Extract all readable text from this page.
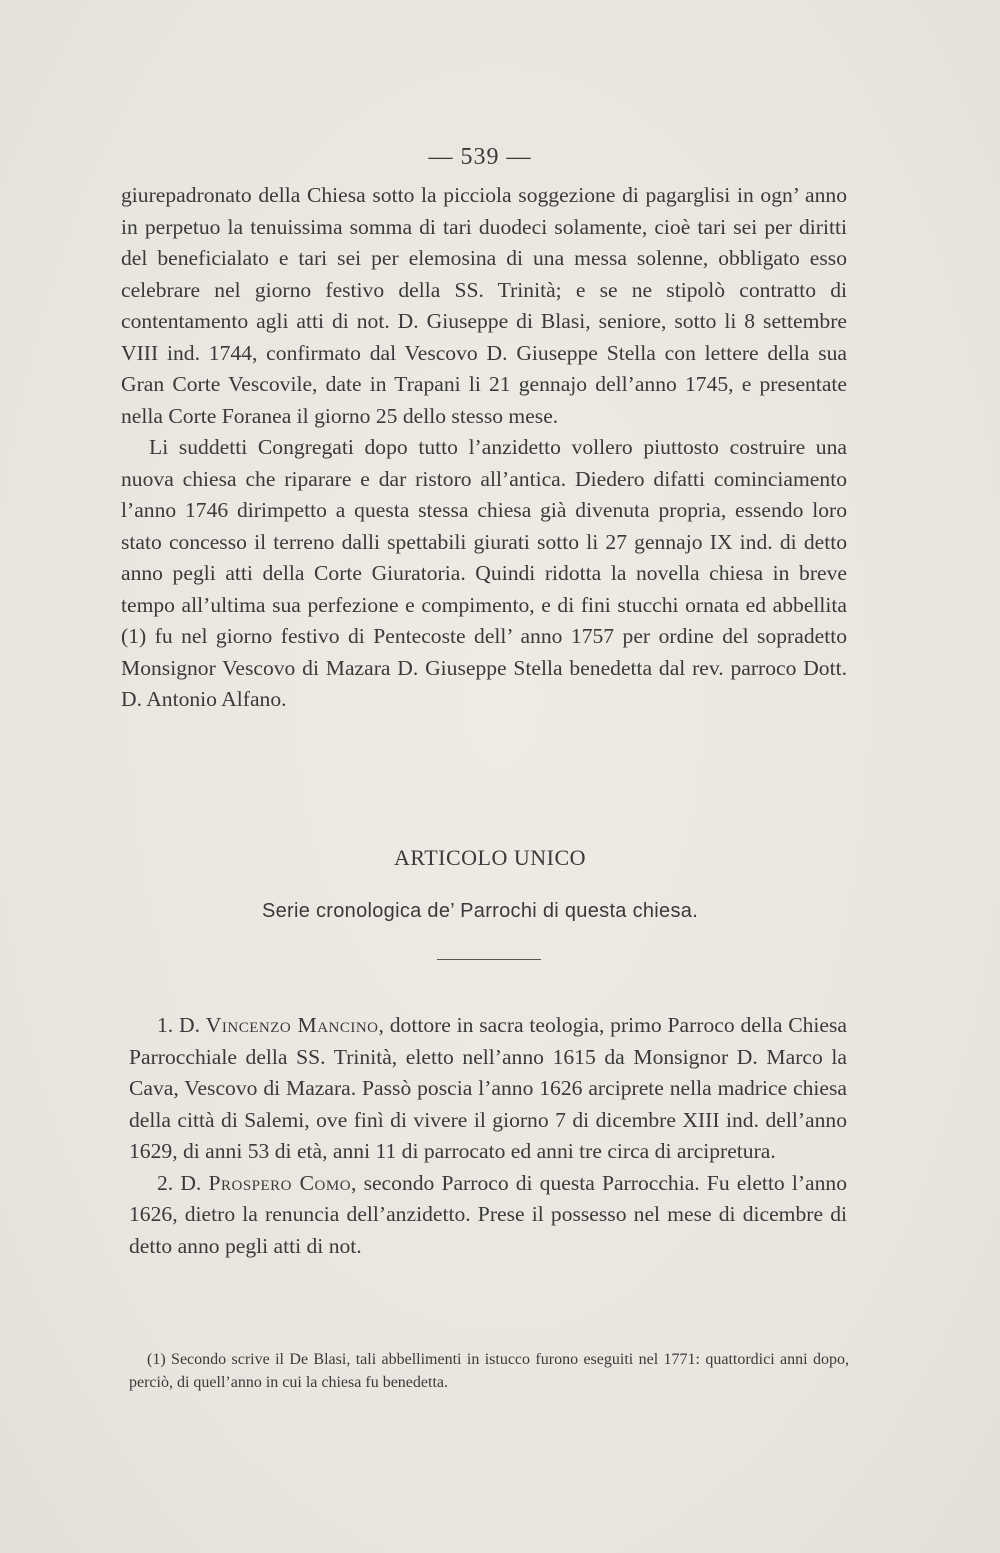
— 539 —

giurepadronato della Chiesa sotto la picciola soggezione di pagarglisi in ogn’ anno in perpetuo la tenuissima somma di tari duodeci solamente, cioè tari sei per diritti del beneficialato e tari sei per elemosina di una messa solenne, obbligato esso celebrare nel giorno festivo della SS. Trinità; e se ne stipolò contratto di contentamento agli atti di not. D. Giuseppe di Blasi, seniore, sotto li 8 settembre VIII ind. 1744, confirmato dal Vescovo D. Giuseppe Stella con lettere della sua Gran Corte Vescovile, date in Trapani li 21 gennajo dell’anno 1745, e presentate nella Corte Foranea il giorno 25 dello stesso mese.

Li suddetti Congregati dopo tutto l’anzidetto vollero piuttosto costruire una nuova chiesa che riparare e dar ristoro all’antica. Diedero difatti cominciamento l’anno 1746 dirimpetto a questa stessa chiesa già divenuta propria, essendo loro stato concesso il terreno dalli spettabili giurati sotto li 27 gennajo IX ind. di detto anno pegli atti della Corte Giuratoria. Quindi ridotta la novella chiesa in breve tempo all’ultima sua perfezione e compimento, e di fini stucchi ornata ed abbellita (1) fu nel giorno festivo di Pentecoste dell’ anno 1757 per ordine del sopradetto Monsignor Vescovo di Mazara D. Giuseppe Stella benedetta dal rev. parroco Dott. D. Antonio Alfano.

ARTICOLO UNICO
Serie cronologica de’ Parrochi di questa chiesa.

1. D. Vincenzo Mancino, dottore in sacra teologia, primo Parroco della Chiesa Parrocchiale della SS. Trinità, eletto nell’anno 1615 da Monsignor D. Marco la Cava, Vescovo di Mazara. Passò poscia l’anno 1626 arciprete nella madrice chiesa della città di Salemi, ove finì di vivere il giorno 7 di dicembre XIII ind. dell’anno 1629, di anni 53 di età, anni 11 di parrocato ed anni tre circa di arcipretura.

2. D. Prospero Como, secondo Parroco di questa Parrocchia. Fu eletto l’anno 1626, dietro la renuncia dell’anzidetto. Prese il possesso nel mese di dicembre di detto anno pegli atti di not.

(1) Secondo scrive il De Blasi, tali abbellimenti in istucco furono eseguiti nel 1771: quattordici anni dopo, perciò, di quell’anno in cui la chiesa fu benedetta.
